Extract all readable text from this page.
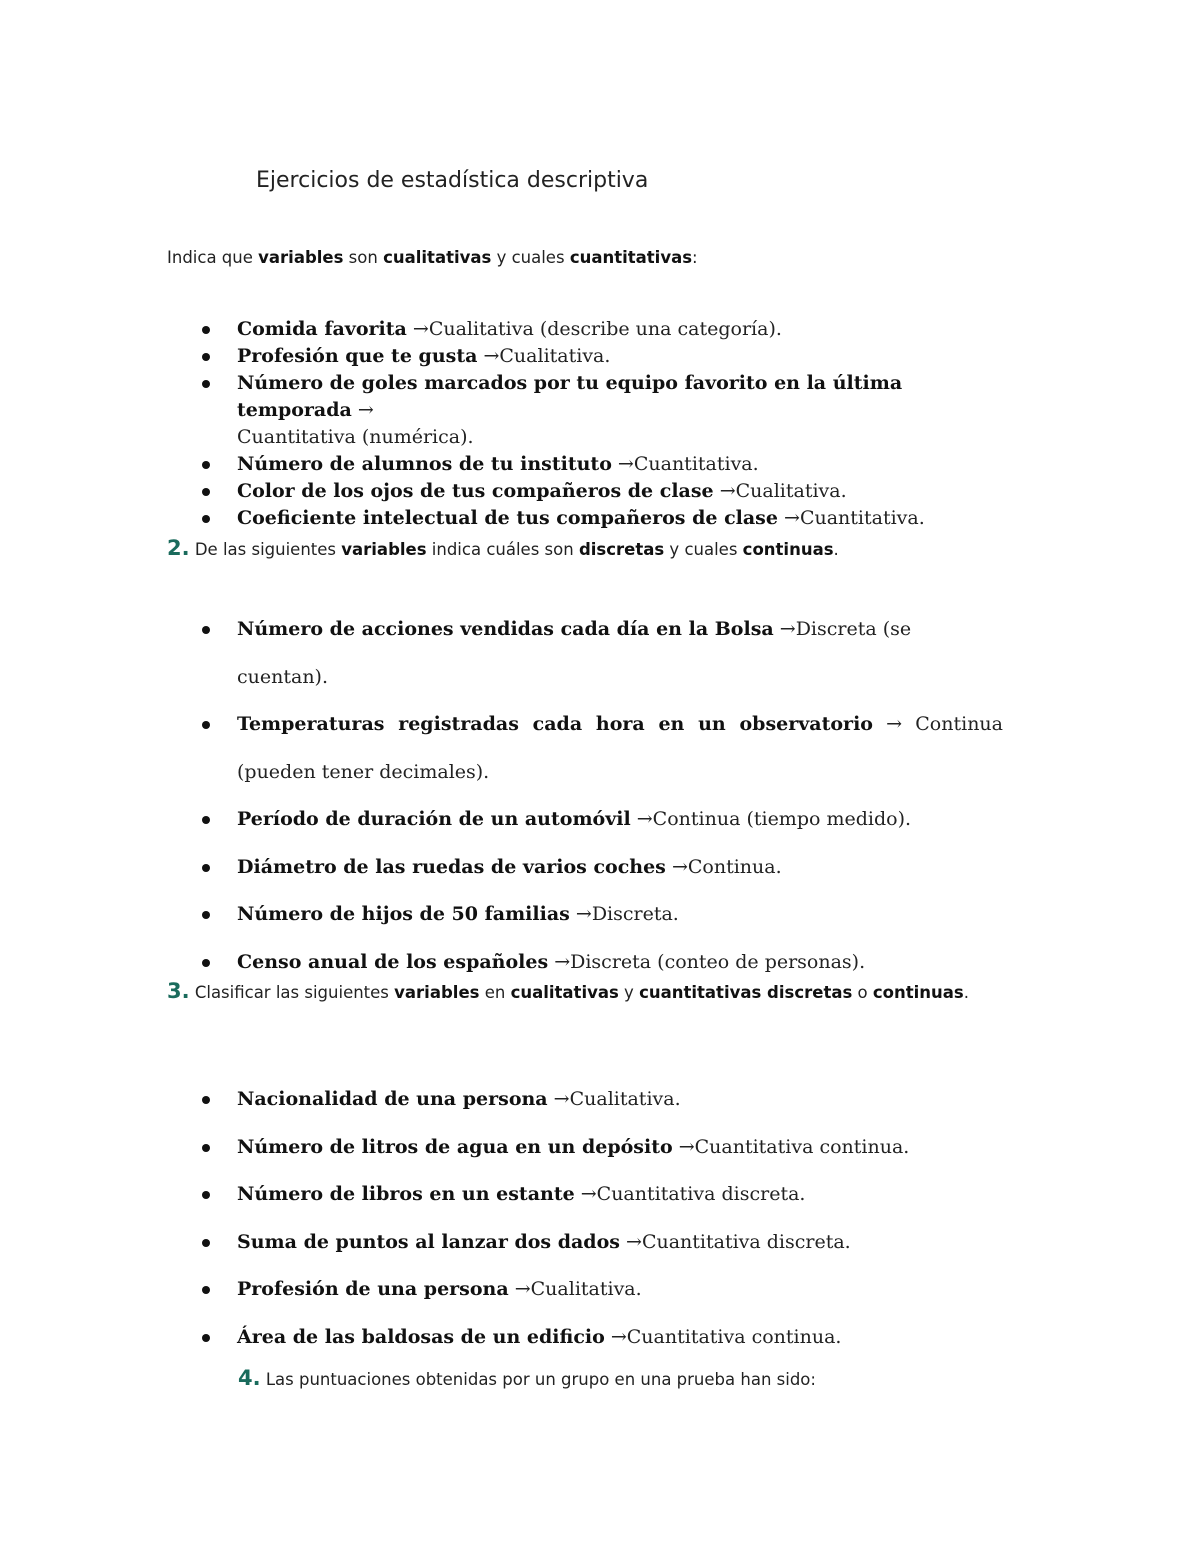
Ejercicios de estadística descriptiva
Indica que variables son cualitativas y cuales cuantitativas:
Comida favorita →Cualitativa (describe una categoría).
Profesión que te gusta →Cualitativa.
Número de goles marcados por tu equipo favorito en la última temporada →
Cuantitativa (numérica).
Número de alumnos de tu instituto →Cuantitativa.
Color de los ojos de tus compañeros de clase →Cualitativa.
Coeficiente intelectual de tus compañeros de clase →Cuantitativa.
2. De las siguientes variables indica cuáles son discretas y cuales continuas.
Número de acciones vendidas cada día en la Bolsa →Discreta (se cuentan).
Temperaturas registradas cada hora en un observatorio → Continua (pueden tener decimales).
Período de duración de un automóvil →Continua (tiempo medido).
Diámetro de las ruedas de varios coches →Continua.
Número de hijos de 50 familias →Discreta.
Censo anual de los españoles →Discreta (conteo de personas).
3. Clasificar las siguientes variables en cualitativas y cuantitativas discretas o continuas.
Nacionalidad de una persona →Cualitativa.
Número de litros de agua en un depósito →Cuantitativa continua.
Número de libros en un estante →Cuantitativa discreta.
Suma de puntos al lanzar dos dados →Cuantitativa discreta.
Profesión de una persona →Cualitativa.
Área de las baldosas de un edificio →Cuantitativa continua.
4. Las puntuaciones obtenidas por un grupo en una prueba han sido:
